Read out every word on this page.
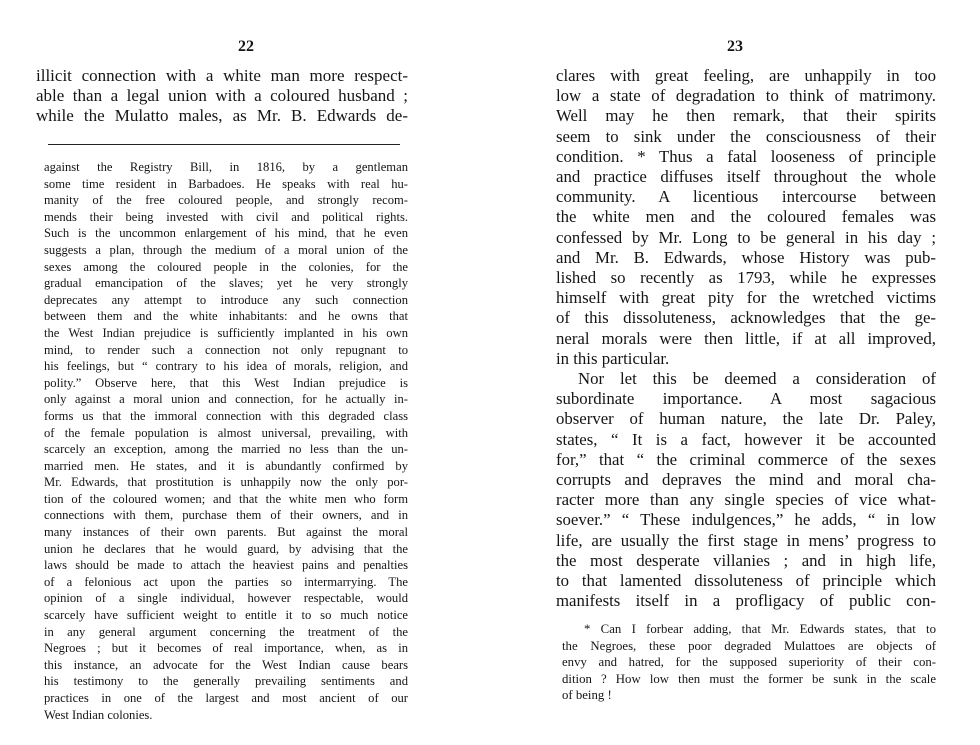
22
illicit connection with a white man more respect-
able than a legal union with a coloured husband ;
while the Mulatto males, as Mr. B. Edwards de-
against the Registry Bill, in 1816, by a gentleman
some time resident in Barbadoes. He speaks with real hu-
manity of the free coloured people, and strongly recom-
mends their being invested with civil and political rights.
Such is the uncommon enlargement of his mind, that he even
suggests a plan, through the medium of a moral union of the
sexes among the coloured people in the colonies, for the
gradual emancipation of the slaves; yet he very strongly
deprecates any attempt to introduce any such connection
between them and the white inhabitants: and he owns that
the West Indian prejudice is sufficiently implanted in his own
mind, to render such a connection not only repugnant to
his feelings, but “ contrary to his idea of morals, religion, and
polity.” Observe here, that this West Indian prejudice is
only against a moral union and connection, for he actually in-
forms us that the immoral connection with this degraded class
of the female population is almost universal, prevailing, with
scarcely an exception, among the married no less than the un-
married men. He states, and it is abundantly confirmed by
Mr. Edwards, that prostitution is unhappily now the only por-
tion of the coloured women; and that the white men who form
connections with them, purchase them of their owners, and in
many instances of their own parents. But against the moral
union he declares that he would guard, by advising that the
laws should be made to attach the heaviest pains and penalties
of a felonious act upon the parties so intermarrying. The
opinion of a single individual, however respectable, would
scarcely have sufficient weight to entitle it to so much notice
in any general argument concerning the treatment of the
Negroes ; but it becomes of real importance, when, as in
this instance, an advocate for the West Indian cause bears
his testimony to the generally prevailing sentiments and
practices in one of the largest and most ancient of our
West Indian colonies.
23
clares with great feeling, are unhappily in too
low a state of degradation to think of matrimony.
Well may he then remark, that their spirits
seem to sink under the consciousness of their
condition. * Thus a fatal looseness of principle
and practice diffuses itself throughout the whole
community. A licentious intercourse between
the white men and the coloured females was
confessed by Mr. Long to be general in his day ;
and Mr. B. Edwards, whose History was pub-
lished so recently as 1793, while he expresses
himself with great pity for the wretched victims
of this dissoluteness, acknowledges that the ge-
neral morals were then little, if at all improved,
in this particular.
Nor let this be deemed a consideration of
subordinate importance. A most sagacious
observer of human nature, the late Dr. Paley,
states, “ It is a fact, however it be accounted
for,” that “ the criminal commerce of the sexes
corrupts and depraves the mind and moral cha-
racter more than any single species of vice what-
soever.” “ These indulgences,” he adds, “ in low
life, are usually the first stage in mens’ progress to
the most desperate villanies ; and in high life,
to that lamented dissoluteness of principle which
manifests itself in a profligacy of public con-
* Can I forbear adding, that Mr. Edwards states, that to
the Negroes, these poor degraded Mulattoes are objects of
envy and hatred, for the supposed superiority of their con-
dition ? How low then must the former be sunk in the scale
of being !
